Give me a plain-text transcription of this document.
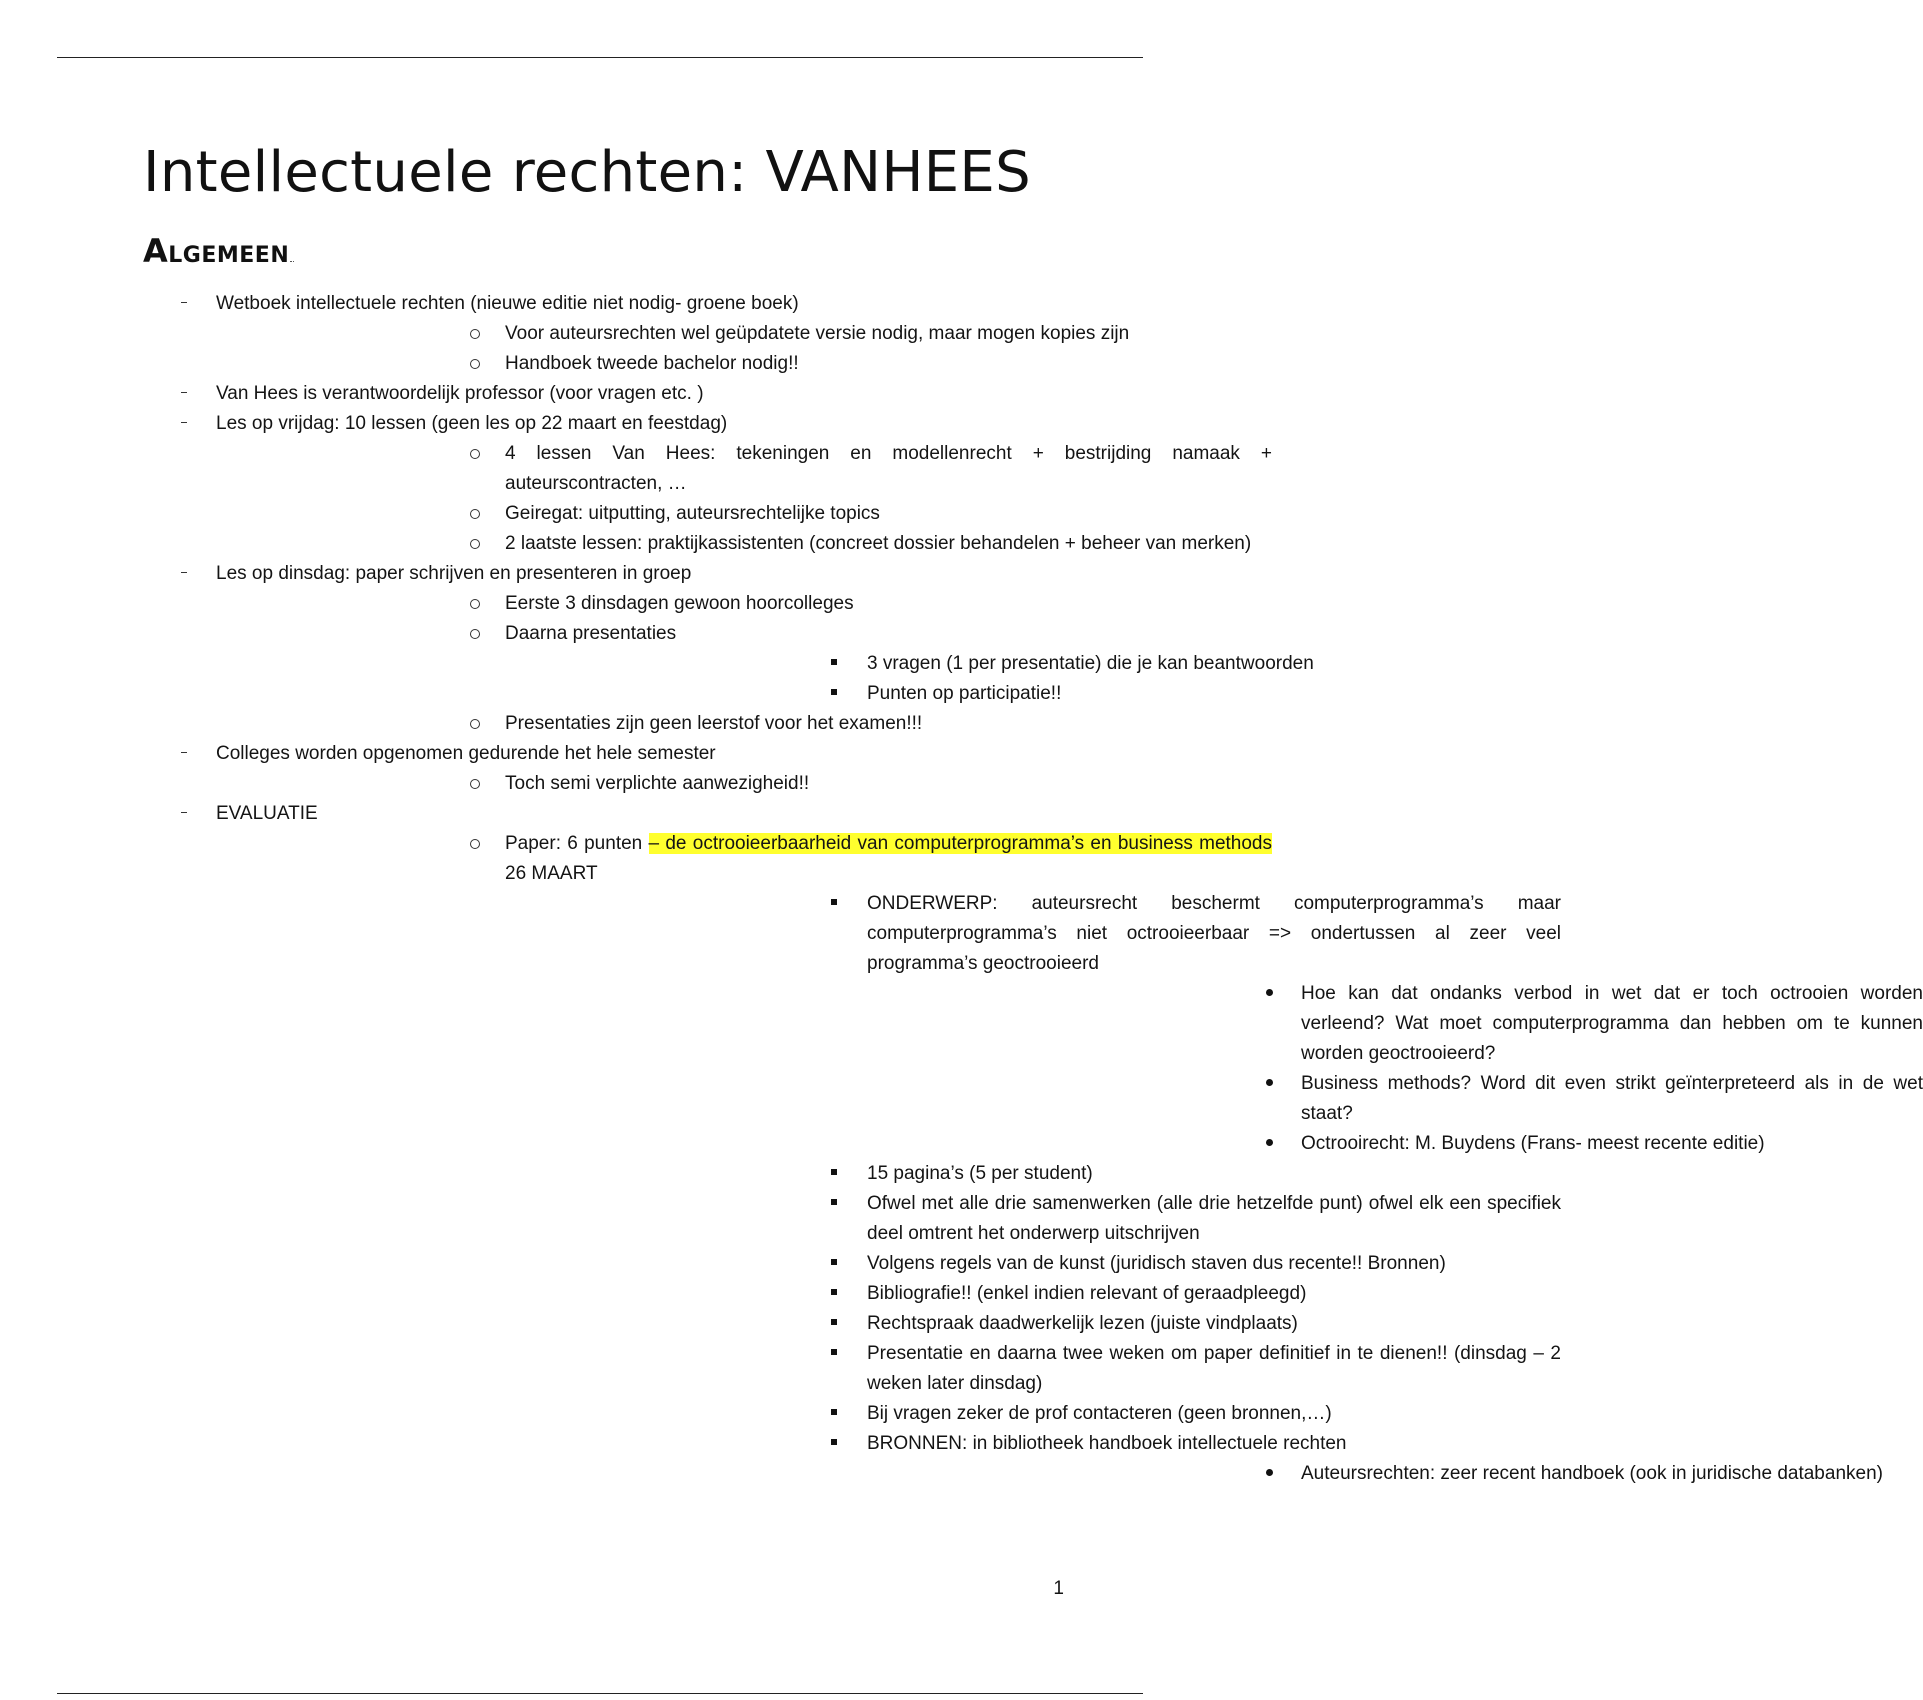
Intellectuele rechten: VANHEES
Algemeen
Wetboek intellectuele rechten (nieuwe editie niet nodig- groene boek)
Voor auteursrechten wel geüpdatete versie nodig, maar mogen kopies zijn
Handboek tweede bachelor nodig!!
Van Hees is verantwoordelijk professor (voor vragen etc. )
Les op vrijdag: 10 lessen (geen les op 22 maart en feestdag)
4 lessen Van Hees: tekeningen en modellenrecht + bestrijding namaak + auteurscontracten, …
Geiregat: uitputting, auteursrechtelijke topics
2 laatste lessen: praktijkassistenten (concreet dossier behandelen + beheer van merken)
Les op dinsdag: paper schrijven en presenteren in groep
Eerste 3 dinsdagen gewoon hoorcolleges
Daarna presentaties
3 vragen (1 per presentatie) die je kan beantwoorden
Punten op participatie!!
Presentaties zijn geen leerstof voor het examen!!!
Colleges worden opgenomen gedurende het hele semester
Toch semi verplichte aanwezigheid!!
EVALUATIE
Paper: 6 punten – de octrooieerbaarheid van computerprogramma’s en business methods 26 MAART
ONDERWERP: auteursrecht beschermt computerprogramma’s maar computerprogramma’s niet octrooieerbaar => ondertussen al zeer veel programma’s geoctrooieerd
Hoe kan dat ondanks verbod in wet dat er toch octrooien worden verleend? Wat moet computerprogramma dan hebben om te kunnen worden geoctrooieerd?
Business methods? Word dit even strikt geïnterpreteerd als in de wet staat?
Octrooirecht: M. Buydens (Frans- meest recente editie)
15 pagina’s (5 per student)
Ofwel met alle drie samenwerken (alle drie hetzelfde punt) ofwel elk een specifiek deel omtrent het onderwerp uitschrijven
Volgens regels van de kunst (juridisch staven dus recente!! Bronnen)
Bibliografie!! (enkel indien relevant of geraadpleegd)
Rechtspraak daadwerkelijk lezen (juiste vindplaats)
Presentatie en daarna twee weken om paper definitief in te dienen!! (dinsdag – 2 weken later dinsdag)
Bij vragen zeker de prof contacteren (geen bronnen,…)
BRONNEN: in bibliotheek handboek intellectuele rechten
Auteursrechten: zeer recent handboek (ook in juridische databanken)
1
